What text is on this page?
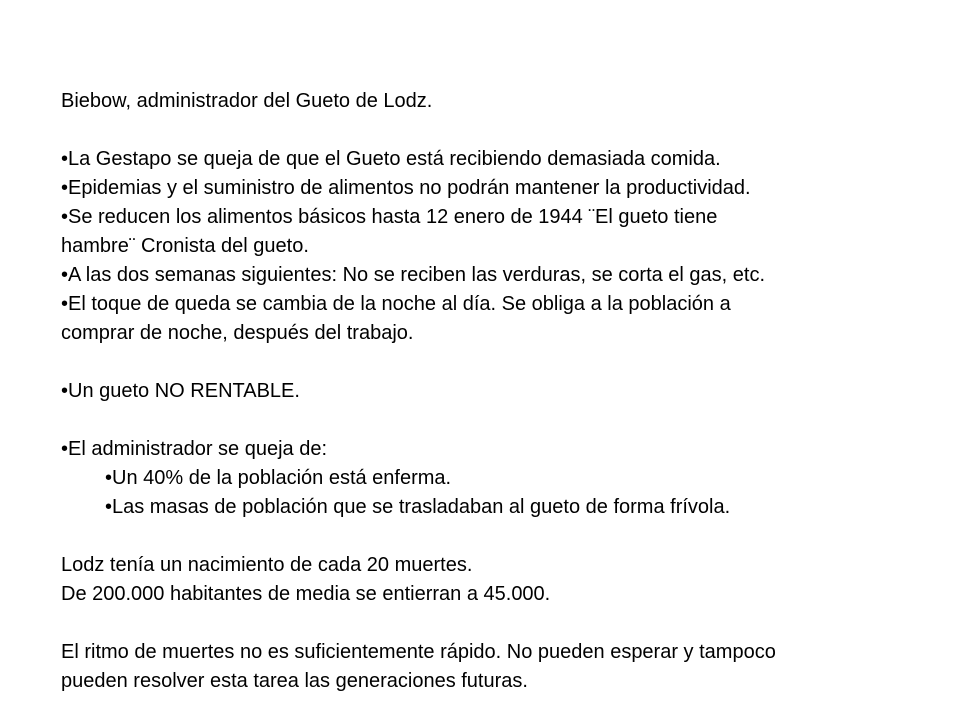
Biebow, administrador del Gueto de Lodz.
•La Gestapo se queja de que el Gueto está recibiendo demasiada comida.
•Epidemias y el suministro de alimentos no podrán mantener la productividad.
•Se reducen los alimentos básicos hasta 12 enero de 1944 ¨El gueto tiene
hambre¨ Cronista del gueto.
•A las dos semanas siguientes: No se reciben las verduras, se corta el gas, etc.
•El toque de queda se cambia de la noche al día. Se obliga a la población a
comprar de noche, después del trabajo.
•Un gueto NO RENTABLE.
•El administrador se queja de:
•Un 40% de la población está enferma.
•Las masas de población que se trasladaban al gueto de forma frívola.
Lodz tenía un nacimiento de cada 20 muertes.
De 200.000 habitantes de media se entierran a 45.000.
El ritmo de muertes no es suficientemente rápido. No pueden esperar y tampoco
pueden resolver esta tarea las generaciones futuras.
